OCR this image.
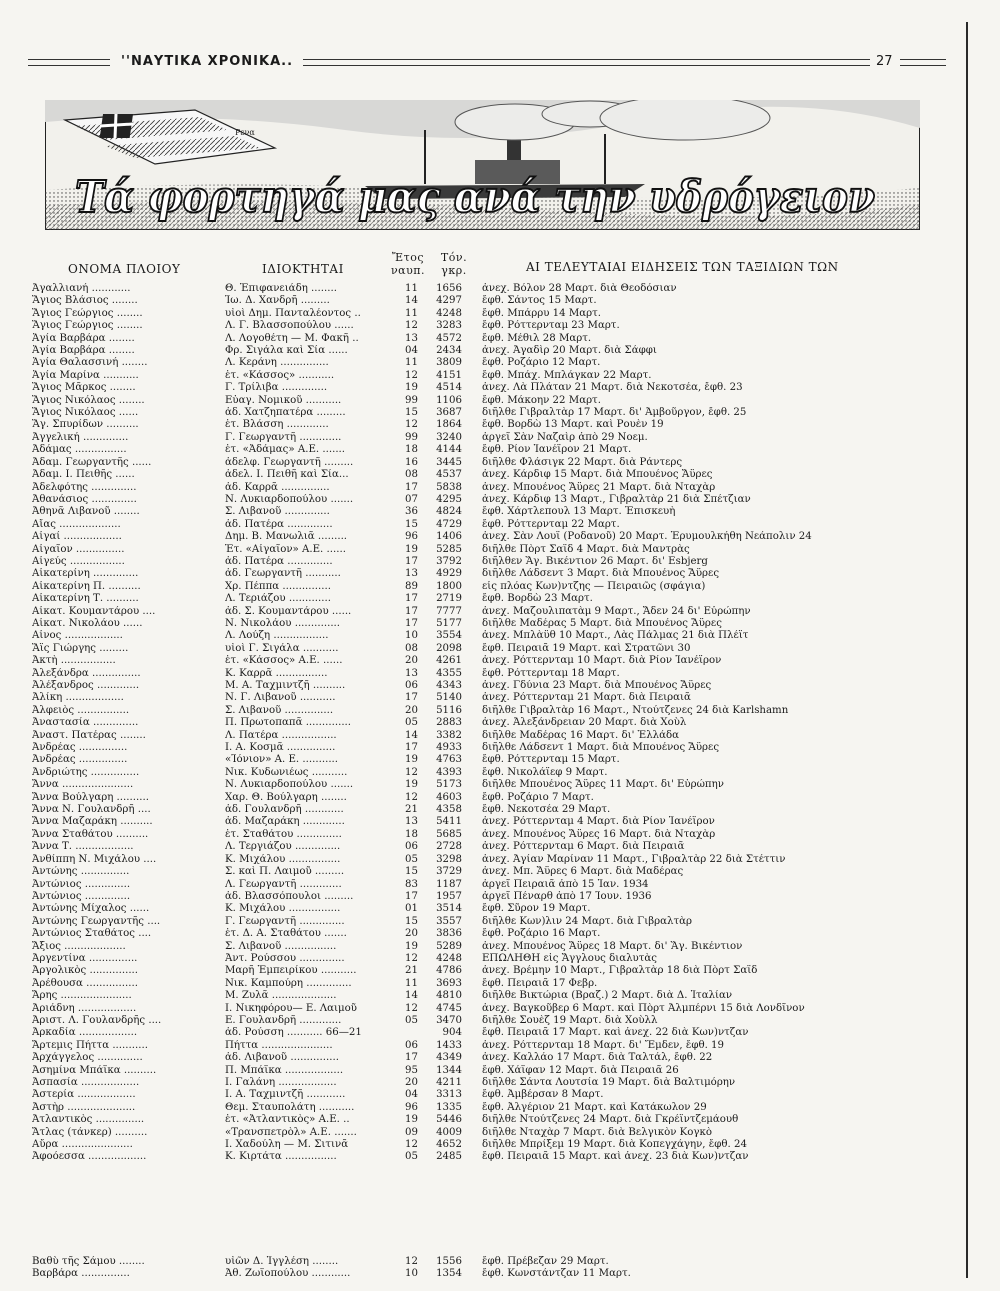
''ΝΑΥΤΙΚΑ ΧΡΟΝΙΚΑ..	27
Ρενα
Τά φορτηγά μας ανά την υδρόγειον
ΟΝΟΜΑ ΠΛΟΙΟΥ	ΙΔΙΟΚΤΗΤΑΙ
Ἔτος
ναυπ.
Τόν.
γκρ.	ΑΙ ΤΕΛΕΥΤΑΙΑΙ ΕΙΔΗΣΕΙΣ ΤΩΝ ΤΑΞΙΔΙΩΝ ΤΩΝ
Ἀγαλλιανή ............	Θ. Ἐπιφανειάδη ........	11	1656 ἀνεχ. Βόλον 28 Μαρτ. διὰ Θεοδόσιαν
Ἅγιος Βλάσιος ........	Ἰω. Δ. Χανδρῆ .........	14	4297 ἔφθ. Σάντος 15 Μαρτ.
Ἅγιος Γεώργιος ........	υἱοὶ Δημ. Πανταλέοντος ..	11	4248 ἔφθ. Μπάρρυ 14 Μαρτ.
Ἅγιος Γεώργιος ........	Λ. Γ. Βλασσοπούλου ......	12	3283 ἔφθ. Ρόττερνταμ 23 Μαρτ.
Ἁγία Βαρβάρα ........	Λ. Λογοθέτη — Μ. Φακῆ ..	13	4572 ἔφθ. Μέθιλ 28 Μαρτ.
Ἁγία Βαρβάρα ........	Φρ. Σιγάλα καὶ Σία ......	04	2434 ἀνεχ. Ἀγαδὶρ 20 Μαρτ. διὰ Σάφφι
Ἁγία Θαλασσινή ........	Λ. Κεράνη ...............	11	3809 ἔφθ. Ροζάριο 12 Μαρτ.
Ἁγία Μαρίνα ...........	ἑτ. «Κάσσος» ...........	12	4151 ἔφθ. Μπάχ. Μπλάγκαν 22 Μαρτ.
Ἅγιος Μᾶρκος ........	Γ. Τρίλιβα ..............	19	4514 ἀνεχ. Λὰ Πλάταν 21 Μαρτ. διὰ Νεκοτσέα, ἔφθ. 23
Ἅγιος Νικόλαος ........	Εὐαγ. Νομικοῦ ...........	99	1106 ἔφθ. Μάκοην 22 Μαρτ.
Ἅγιος Νικόλαος ......	ἀδ. Χατζηπατέρα .........	15	3687 διῆλθε Γιβραλτὰρ 17 Μαρτ. δι' Ἀμβοῦργον, ἔφθ. 25
Ἅγ. Σπυρίδων ..........	ἑτ. Βλάσση .............	12	1864 ἔφθ. Βορδὼ 13 Μαρτ. καὶ Ρουὲν 19
Ἀγγελική ..............	Γ. Γεωργαντῆ .............	99	3240 ἀργεῖ Σὰν Ναζαὶρ ἀπὸ 29 Νοεμ.
Ἀδάμας ................	ἑτ. «Ἀδάμας» Α.Ε. .......	18	4144 ἔφθ. Ρίον Ἰανέϊρον 21 Μαρτ.
Ἀδαμ. Γεωργαντῆς ......	ἀδελφ. Γεωργαντῆ .........	16	3445 διῆλθε Φλάσιγκ 22 Μαρτ. διὰ Ράντερς
Ἀδαμ. Ι. Πειθῆς ......	ἀδελ. Ι. Πειθῆ καὶ Σία...	08	4537 ἀνεχ. Κάρδιφ 15 Μαρτ. διὰ Μπουένος Ἄϋρες
Ἀδελφότης ..............	ἀδ. Καρρᾶ ...............	17	5838 ἀνεχ. Μπουένος Ἄϋρες 21 Μαρτ. διὰ Νταχὰρ
Ἀθανάσιος ..............	Ν. Λυκιαρδοπούλου .......	07	4295 ἀνεχ. Κάρδιφ 13 Μαρτ., Γιβραλτὰρ 21 διὰ Σπέτζιαν
Ἀθηνᾶ Λιβανοῦ ........	Σ. Λιβανοῦ ..............	36	4824 ἔφθ. Χάρτλεπουλ 13 Μαρτ. Ἐπισκευὴ
Αἴας ...................	ἀδ. Πατέρα ..............	15	4729 ἔφθ. Ρόττερνταμ 22 Μαρτ.
Αἰγαί ..................	Δημ. Β. Μανωλιᾶ .........	96	1406 ἀνεχ. Σὰν Λουΐ (Ροδανοῦ) 20 Μαρτ. Ἐρυμουλκήθη Νεάπολιν 24
Αἰγαῖον ...............	Ἑτ. «Αἰγαῖον» Α.Ε. ......	19	5285 διῆλθε Πὸρτ Σαΐδ 4 Μαρτ. διὰ Μαντρὰς
Αἰγεύς .................	ἀδ. Πατέρα ..............	17	3792 διῆλθεν Ἅγ. Βικέντιον 26 Μαρτ. δι' Esbjerg
Αἰκατερίνη ..............	ἀδ. Γεωργαντῆ ...........	13	4929 διῆλθε Λάδσεντ 3 Μαρτ. διὰ Μπουένος Ἄϋρες
Αἰκατερίνη Π. ..........	Χρ. Πέππα ...............	89	1800 εἰς πλόας Κων)ντζης — Πειραιῶς (σφάγια)
Αἰκατερίνη Τ. ..........	Λ. Τεριάζου .............	17	2719 ἔφθ. Βορδὼ 23 Μαρτ.
Αἰκατ. Κουμαντάρου ....	ἀδ. Σ. Κουμαντάρου ......	17	7777 ἀνεχ. Μαζουλιπατὰμ 9 Μαρτ., Ἄδεν 24 δι' Εὐρώπην
Αἰκατ. Νικολάου ......	Ν. Νικολάου ..............	17	5177 διῆλθε Μαδέρας 5 Μαρτ. διὰ Μπουένος Ἄϋρες
Αἶνος ..................	Λ. Λούζη .................	10	3554 ἀνεχ. Μπλὰϋθ 10 Μαρτ., Λὰς Πάλμας 21 διὰ Πλέϊτ
Ἅϊς Γιώργης .........	υἱοὶ Γ. Σιγάλα ...........	08	2098 ἔφθ. Πειραιᾶ 19 Μαρτ. καὶ Στρατῶνι 30
Ἀκτὴ .................	ἑτ. «Κάσσος» Α.Ε. ......	20	4261 ἀνεχ. Ρόττερνταμ 10 Μαρτ. διὰ Ρίον Ἰανέϊρον
Ἀλεξάνδρα ...............	Κ. Καρρᾶ ................	13	4355 ἔφθ. Ρόττερνταμ 18 Μαρτ.
Ἀλέξανδρος .............	Μ. Α. Ταχμιντζῆ ..........	06	4343 ἀνεχ. Γδύνια 23 Μαρτ. διὰ Μπουένος Ἄϋρες
Ἀλίκη ..................	Ν. Γ. Λιβανοῦ ...........	17	5140 ἀνεχ. Ρόττερνταμ 21 Μαρτ. διὰ Πειραιᾶ
Ἀλφειὸς ................	Σ. Λιβανοῦ ...............	20	5116 διῆλθε Γιβραλτὰρ 16 Μαρτ., Ντούτζενες 24 διὰ Karlshamn
Ἀναστασία ..............	Π. Πρωτοπαπᾶ ..............	05	2883 ἀνεχ. Ἀλεξάνδρειαν 20 Μαρτ. διὰ Χοὺλ
Ἀναστ. Πατέρας ........	Λ. Πατέρα .................	14	3382 διῆλθε Μαδέρας 16 Μαρτ. δι' Ἑλλάδα
Ἀνδρέας ...............	Ι. Α. Κοσμᾶ ...............	17	4933 διῆλθε Λάδσεντ 1 Μαρτ. διὰ Μπουένος Ἄϋρες
Ἀνδρέας ...............	«Ἰόνιον» Α. Ε. ...........	19	4763 ἔφθ. Ρόττερνταμ 15 Μαρτ.
Ἀνδριώτης ...............	Νικ. Κυδωνιέως ...........	12	4393 ἔφθ. Νικολάϊεφ 9 Μαρτ.
Ἄννα ......................	Ν. Λυκιαρδοπούλου .......	19	5173 διῆλθε Μπουένος Ἄϋρες 11 Μαρτ. δι' Εὐρώπην
Ἄννα Βούλγαρη ..........	Χαρ. Θ. Βούλγαρη ........	12	4603 ἔφθ. Ροζάριο 7 Μαρτ.
Ἄννα Ν. Γουλανδρῆ ....	ἀδ. Γουλανδρῆ ............	21	4358 ἔφθ. Νεκοτσέα 29 Μαρτ.
Ἄννα Μαζαράκη ..........	ἀδ. Μαζαράκη .............	13	5411 ἀνεχ. Ρόττερνταμ 4 Μαρτ. διὰ Ρίον Ἰανέϊρον
Ἄννα Σταθάτου ..........	ἑτ. Σταθάτου ..............	18	5685 ἀνεχ. Μπουένος Ἄϋρες 16 Μαρτ. διὰ Νταχὰρ
Ἄννα Τ. ..................	Λ. Τεργιάζου ..............	06	2728 ἀνεχ. Ρόττερνταμ 6 Μαρτ. διὰ Πειραιᾶ
Ἀνθίππη Ν. Μιχάλου ....	Κ. Μιχάλου ................	05	3298 ἀνεχ. Ἀγίαν Μαρίναν 11 Μαρτ., Γιβραλτὰρ 22 διὰ Στέττιν
Ἀντώνης ...............	Σ. καὶ Π. Λαιμοῦ .........	15	3729 ἀνεχ. Μπ. Ἄϋρες 6 Μαρτ. διὰ Μαδέρας
Ἀντώνιος ..............	Λ. Γεωργαντῆ .............	83	1187 ἀργεῖ Πειραιᾶ ἀπὸ 15 Ἰαν. 1934
Ἀντώνιος ..............	ἀδ. Βλασσόπουλοι .........	17	1957 ἀργεῖ Πέναρθ ἀπὸ 17 Ἰουν. 1936
Ἀντώνης Μίχαλος ......	Κ. Μιχάλου ................	01	3514 ἔφθ. Σῦρον 19 Μαρτ.
Ἀντώνης Γεωργαντῆς ....	Γ. Γεωργαντῆ ..............	15	3557 διῆλθε Κων)λιν 24 Μαρτ. διὰ Γιβραλτὰρ
Ἀντώνιος Σταθάτος ....	ἑτ. Δ. Α. Σταθάτου .......	20	3836 ἔφθ. Ροζάριο 16 Μαρτ.
Ἄξιος ...................	Σ. Λιβανοῦ ................	19	5289 ἀνεχ. Μπουένος Ἄϋρες 18 Μαρτ. δι' Ἅγ. Βικέντιον
Ἀργεντίνα ...............	Ἀντ. Ρούσσου ..............	12	4248 ΕΠΩΛΗΘΗ εἰς Ἄγγλους διαλυτὰς
Ἀργολικὸς ...............	Μαρῆ Ἐμπειρίκου ...........	21	4786 ἀνεχ. Βρέμην 10 Μαρτ., Γιβραλτὰρ 18 διὰ Πὸρτ Σαΐδ
Ἀρέθουσα ................	Νικ. Καμπούρη ..............	11	3693 ἔφθ. Πειραιᾶ 17 Φεβρ.
Ἄρης ......................	Μ. Ζυλᾶ ....................	14	4810 διῆλθε Βικτώρια (Βραζ.) 2 Μαρτ. διὰ Δ. Ἰταλίαν
Ἀριάδνη ..................	Ι. Νικηφόρου— Ε. Λαιμοῦ	12	4745 ἀνεχ. Βαγκοῦβερ 6 Μαρτ. καὶ Πὸρτ Ἀλμπέρνι 15 διὰ Λονδῖνον
Ἀριστ. Λ. Γουλανδρῆς ....	Ε. Γουλανδρῆ .............	05	3470 διῆλθε Σουὲζ 19 Μαρτ. διὰ Χοὺλλ
Ἀρκαδία ..................	ἀδ. Ρούσση ........... 66—21	904 ἔφθ. Πειραιᾶ 17 Μαρτ. καὶ ἀνεχ. 22 διὰ Κων)ντζαν
Ἄρτεμις Πήττα ...........	Πήττα ......................	06	1433 ἀνεχ. Ρόττερνταμ 18 Μαρτ. δι' Ἔμδεν, ἔφθ. 19
Ἀρχάγγελος ..............	ἀδ. Λιβανοῦ ...............	17	4349 ἀνεχ. Καλλάο 17 Μαρτ. διὰ Ταλτάλ, ἔφθ. 22
Ἀσημίνα Μπάϊκα ..........	Π. Μπάϊκα ..................	95	1344 ἔφθ. Χάϊφαν 12 Μαρτ. διὰ Πειραιᾶ 26
Ἀσπασία ..................	Ι. Γαλάνη ..................	20	4211 διῆλθε Σάντα Λουτσία 19 Μαρτ. διὰ Βαλτιμόρην
Ἀστερία ..................	Ι. Α. Ταχμιντζῆ ............	04	3313 ἔφθ. Ἀμβέρσαν 8 Μαρτ.
Ἀστὴρ .....................	Θεμ. Σταυπολάτη ...........	96	1335 ἔφθ. Ἀλγέριον 21 Μαρτ. καὶ Κατάκωλον 29
Ἀτλαντικὸς ...............	ἑτ. «Ἀτλαντικὸς» Α.Ε. ..	19	5446 διῆλθε Ντούτζενες 24 Μαρτ. διὰ Γκρέϊντζεμάουθ
Ἄτλας (τάνκερ) ..........	«Τρανσπετρὸλ» Α.Ε. .......	09	4009 διῆλθε Νταχὰρ 7 Μαρτ. διὰ Βελγικὸν Κογκὸ
Αὔρα ......................	Ι. Χαδούλη — Μ. Σιτινᾶ	12	4652 διῆλθε Μπρίξεμ 19 Μαρτ. διὰ Κοπεγχάγην, ἔφθ. 24
Ἀφοόεσσα ..................	Κ. Κιρτάτα ................	05	2485 ἔφθ. Πειραιᾶ 15 Μαρτ. καὶ ἀνεχ. 23 διὰ Κων)ντζαν
Βαθὺ τῆς Σάμου ........	υἱῶν Δ. Ἰγγλέση ........	12	1556 ἔφθ. Πρέβεζαν 29 Μαρτ.
Βαρβάρα ...............	Ἀθ. Ζωϊοπούλου ............	10	1354 ἔφθ. Κωνστάντζαν 11 Μαρτ.
